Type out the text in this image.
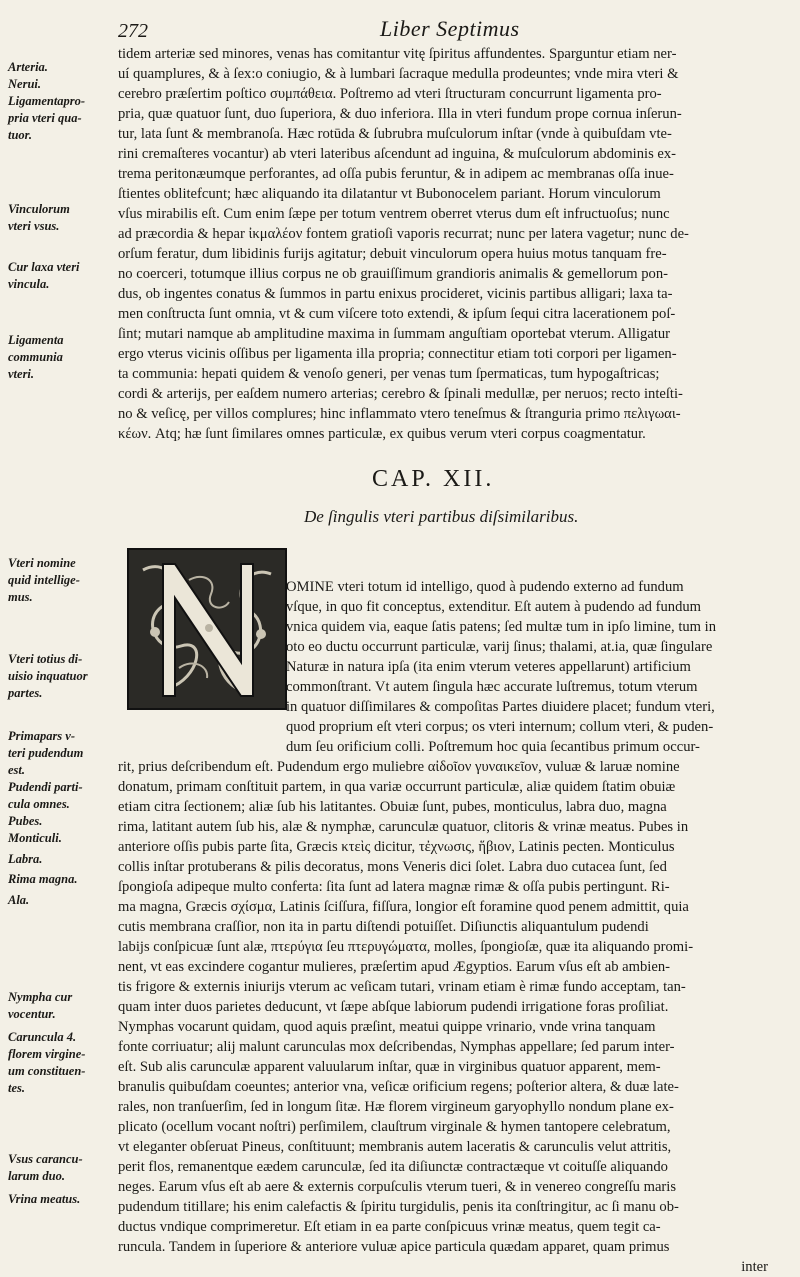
272	Liber Septimus
Arteria.
Nerui.
Ligamentapro-
pria vteri qua-
tuor.
Vinculorum
vteri vsus.
Cur laxa vteri
vincula.
Ligamenta
communia
vteri.
Vteri nomine
quid intellige-
mus.
Vteri totius di-
uisio inquatuor
partes.
Primapars v-
teri pudendum
est.
Pudendi parti-
cula omnes.
Pubes.
Monticuli.
Labra.
Rima magna.
Ala.
Nympha cur
vocentur.
Caruncula 4.
florem virgine-
um constituen-
tes.
Vsus carancu-
larum duo.
Vrina meatus.
tidem arteriæ sed minores, venas has comitantur vitę ſpiritus affundentes. Sparguntur etiam ner-
uí quamplures, & à ſex:o coniugio, & à lumbari ſacraque medulla prodeuntes; vnde mira vteri &
cerebro præſertim poſtico συμπάθεια. Poſtremo ad vteri ſtructuram concurrunt ligamenta pro-
pria, quæ quatuor ſunt, duo ſuperiora, & duo inferiora. Illa in vteri fundum prope cornua inſerun-
tur, lata ſunt & membranoſa. Hæc rotūda & ſubrubra muſculorum inſtar (vnde à quibuſdam vte-
rini cremaſteres vocantur) ab vteri lateribus aſcendunt ad inguina, & muſculorum abdominis ex-
trema peritonæumque perforantes, ad oſſa pubis feruntur, & in adipem ac membranas oſſa inue-
ſtientes oblitefcunt; hæc aliquando ita dilatantur vt Bubonocelem pariant. Horum vinculorum
vſus mirabilis eſt. Cum enim ſæpe per totum ventrem oberret vterus dum eſt infructuoſus; nunc
ad præcordia & hepar ἰκμαλέον fontem gratioſi vaporis recurrat; nunc per latera vagetur; nunc de-
orſum feratur, dum libidinis furijs agitatur; debuit vinculorum opera huius motus tanquam fre-
no coerceri, totumque illius corpus ne ob grauiſſimum grandioris animalis & gemellorum pon-
dus, ob ingentes conatus & ſummos in partu enixus procideret, vicinis partibus alligari; laxa ta-
men conſtructa ſunt omnia, vt & cum viſcere toto extendi, & ipſum ſequi citra lacerationem poſ-
ſint; mutari namque ab amplitudine maxima in ſummam anguſtiam oportebat vterum. Alligatur
ergo vterus vicinis oſſibus per ligamenta illa propria; connectitur etiam toti corpori per ligamen-
ta communia: hepati quidem & venoſo generi, per venas tum ſpermaticas, tum hypogaſtricas;
cordi & arterijs, per eaſdem numero arterias; cerebro & ſpinali medullæ, per neruos; recto inteſti-
no & veſicę, per villos complures; hinc inflammato vtero teneſmus & ſtranguria primo πελιγωαι-
κέων. Atq; hæ ſunt ſimilares omnes particulæ, ex quibus verum vteri corpus coagmentatur.
CAP. XII.
De ſingulis vteri partibus diſsimilaribus.
OMINE vteri totum id intelligo, quod à pudendo externo ad fundum
vſque, in quo fit conceptus, extenditur. Eſt autem à pudendo ad fundum
vnica quidem via, eaque ſatis patens; ſed multæ tum in ipſo limine, tum in
oto eo ductu occurrunt particulæ, varij ſinus; thalami, at.ia, quæ ſingulare
Naturæ in natura ipſa (ita enim vterum veteres appellarunt) artificium
commonſtrant. Vt autem ſingula hæc accurate luſtremus, totum vterum
in quatuor diſſimilares & compoſitas Partes diuidere placet; fundum vteri,
quod proprium eſt vteri corpus; os vteri internum; collum vteri, & puden-
dum ſeu orificium colli. Poſtremum hoc quia ſecantibus primum occur-
rit, prius deſcribendum eſt. Pudendum ergo muliebre αἰδοῖον γυναικεῖον, vuluæ & laruæ nomine
donatum, primam conſtituit partem, in qua variæ occurrunt particulæ, aliæ quidem ſtatim obuiæ
etiam citra ſectionem; aliæ ſub his latitantes. Obuiæ ſunt, pubes, monticulus, labra duo, magna
rima, latitant autem ſub his, alæ & nymphæ, carunculæ quatuor, clitoris & vrinæ meatus. Pubes in
anteriore oſſis pubis parte ſita, Græcis κτεὶς dicitur, τἐχνωσις, ἥβιον, Latinis pecten. Monticulus
collis inſtar protuberans & pilis decoratus, mons Veneris dici ſolet. Labra duo cutacea ſunt, ſed
ſpongioſa adipeque multo conferta: ſita ſunt ad latera magnæ rimæ & oſſa pubis pertingunt. Ri-
ma magna, Græcis σχίσμα, Latinis ſciſſura, fiſſura, longior eſt foramine quod penem admittit, quia
cutis membrana craſſior, non ita in partu diſtendi potuiſſet. Diſiunctis aliquantulum pudendi
labijs conſpicuæ ſunt alæ, πτερύγια ſeu πτερυγώματα, molles, ſpongioſæ, quæ ita aliquando promi-
nent, vt eas excindere cogantur mulieres, præſertim apud Ægyptios. Earum vſus eſt ab ambien-
tis frigore & externis iniurijs vterum ac veſicam tutari, vrinam etiam è rimæ fundo acceptam, tan-
quam inter duos parietes deducunt, vt ſæpe abſque labiorum pudendi irrigatione foras proſiliat.
Nymphas vocarunt quidam, quod aquis præſint, meatui quippe vrinario, vnde vrina tanquam
fonte corriuatur; alij malunt carunculas mox deſcribendas, Nymphas appellare; ſed parum inter-
eſt. Sub alis carunculæ apparent valuularum inſtar, quæ in virginibus quatuor apparent, mem-
branulis quibuſdam coeuntes; anterior vna, veſicæ orificium regens; poſterior altera, & duæ late-
rales, non tranſuerſim, ſed in longum ſitæ. Hæ florem virgineum garyophyllo nondum plane ex-
plicato (ocellum vocant noſtri) perſimilem, clauſtrum virginale & hymen tantopere celebratum,
vt eleganter obſeruat Pineus, conſtituunt; membranis autem laceratis & carunculis velut attritis,
perit flos, remanentque eædem carunculæ, ſed ita diſiunctæ contractæque vt coituſſe aliquando
neges. Earum vſus eſt ab aere & externis corpuſculis vterum tueri, & in venereo congreſſu maris
pudendum titillare; his enim calefactis & ſpiritu turgidulis, penis ita conſtringitur, ac ſi manu ob-
ductus vndique comprimeretur. Eſt etiam in ea parte conſpicuus vrinæ meatus, quem tegit ca-
runcula. Tandem in ſuperiore & anteriore vuluæ apice particula quædam apparet, quam primus
inter
